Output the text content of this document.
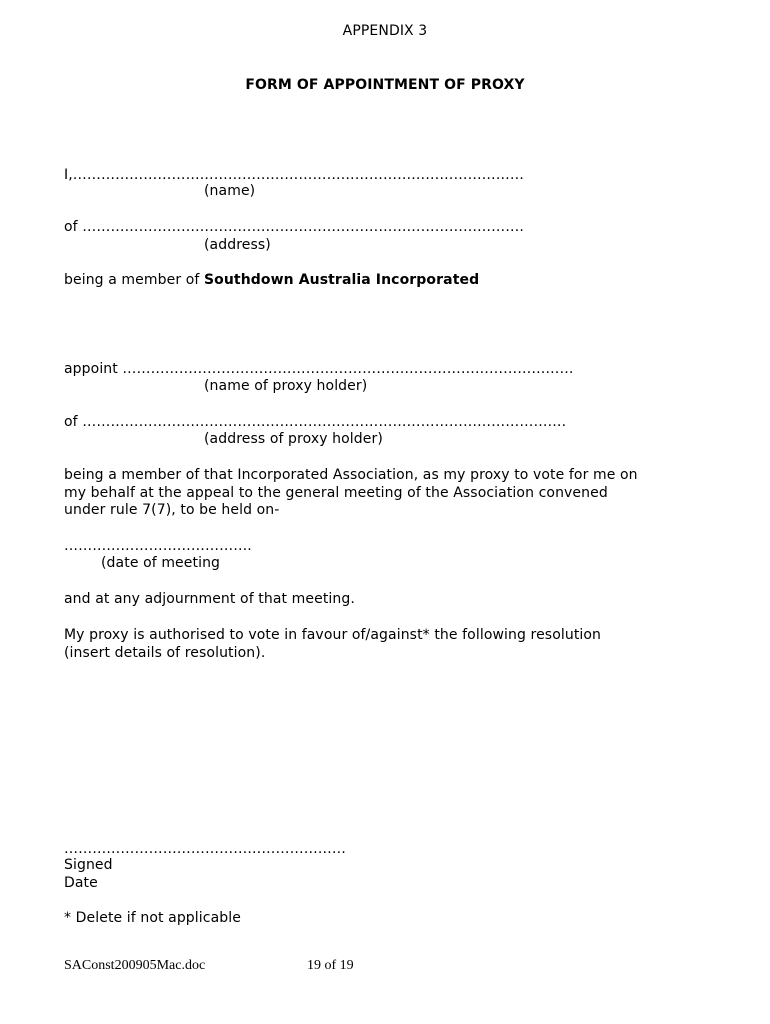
APPENDIX 3
FORM OF APPOINTMENT OF PROXY
I,……………………………………………………………………………………
(name)
of ………………………………………………………………………………….
(address)
being a member of Southdown Australia Incorporated
appoint ……………………………………………………………………………………
(name of proxy holder)
of ………………………………………………………………………………………….
(address of proxy holder)
being a member of that Incorporated Association, as my proxy to vote for me on
my behalf at the appeal to the general meeting of the Association convened
under rule 7(7), to be held on-
………………………………….
(date of meeting
and at any adjournment of that meeting.
My proxy is authorised to vote in favour of/against* the following resolution
(insert details of resolution).
……………………………………………………
Signed
Date
* Delete if not applicable
SAConst200905Mac.doc	19 of 19
